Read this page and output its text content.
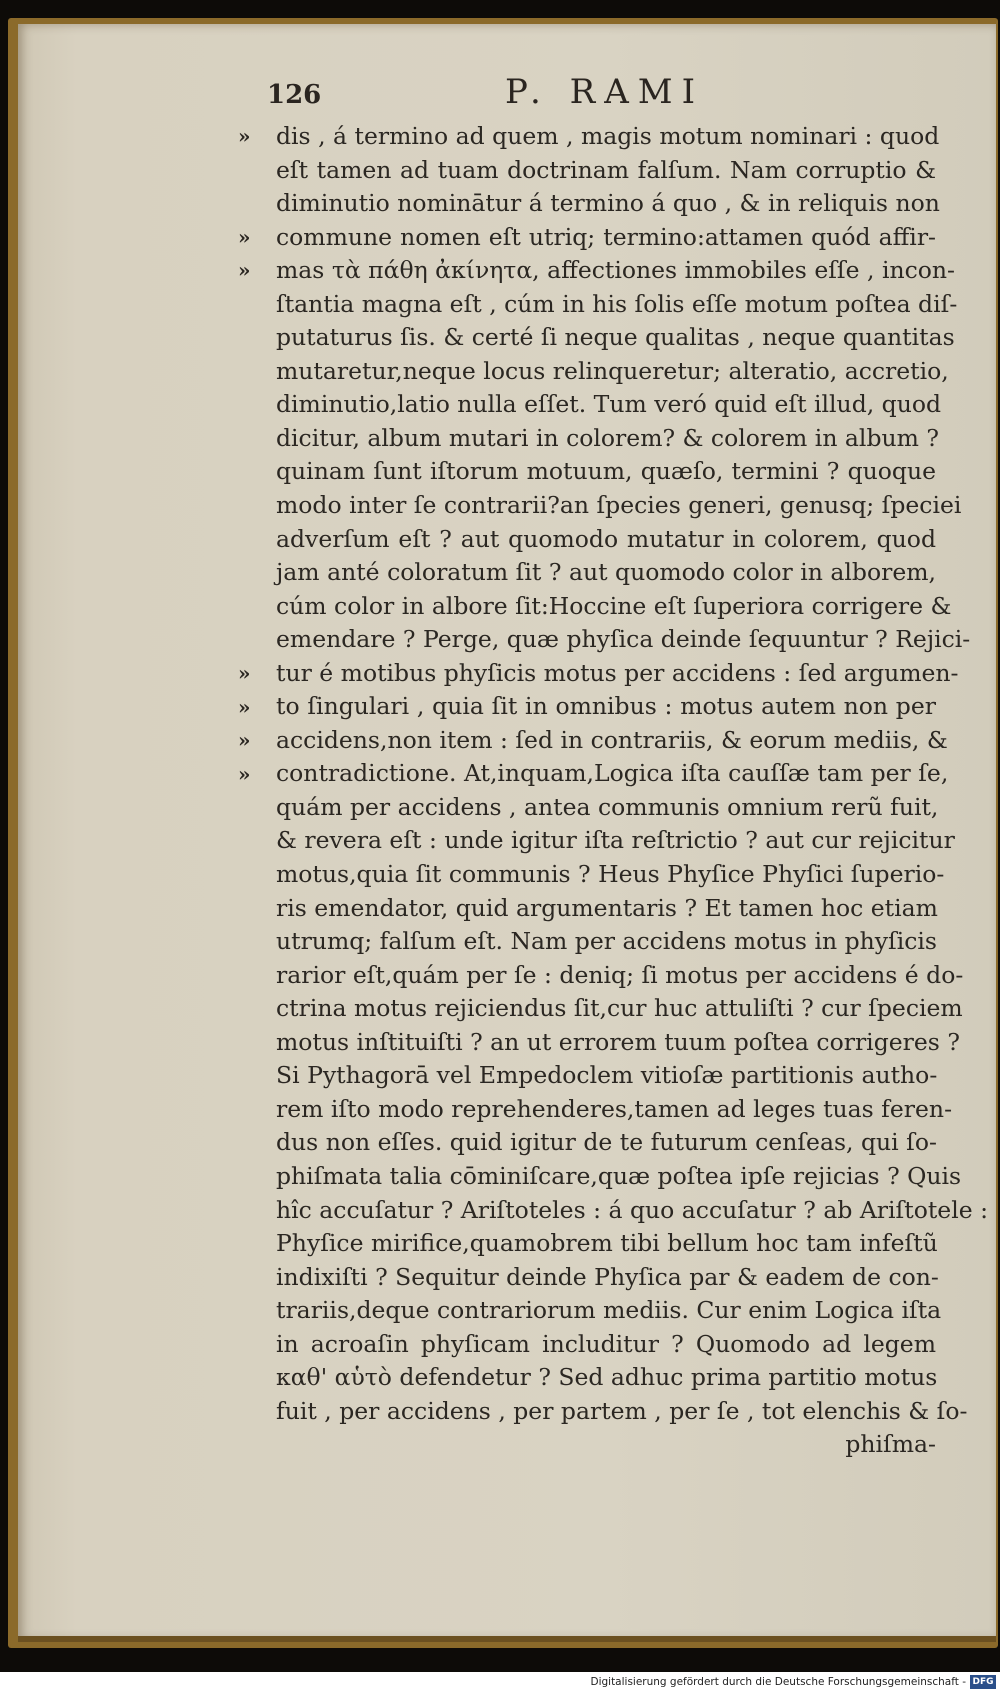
126	P. RAMI
»
»
»
»
»
»
»
dis , á termino ad quem , magis motum nominari : quod
eſt tamen ad tuam doctrinam falſum. Nam corruptio &
diminutio nominātur á termino á quo , & in reliquis non
commune nomen eſt utriq; termino:attamen quód affir-
mas τὰ πάθη ἀκίνητα, affectiones immobiles eſſe , incon-
ſtantia magna eſt , cúm in his ſolis eſſe motum poſtea diſ-
putaturus ſis. & certé ſi neque qualitas , neque quantitas
mutaretur,neque locus relinqueretur; alteratio, accretio,
diminutio,latio nulla eſſet. Tum veró quid eſt illud, quod
dicitur, album mutari in colorem? & colorem in album ?
quinam ſunt iſtorum motuum, quæſo, termini ? quoque
modo inter ſe contrarii?an ſpecies generi, genusq; ſpeciei
adverſum eſt ? aut quomodo mutatur in colorem, quod
jam anté coloratum ſit ? aut quomodo color in alborem,
cúm color in albore ſit:Hoccine eſt ſuperiora corrigere &
emendare ? Perge, quæ phyſica deinde ſequuntur ? Rejici-
tur é motibus phyſicis motus per accidens : ſed argumen-
to ſingulari , quia ſit in omnibus : motus autem non per
accidens,non item : ſed in contrariis, & eorum mediis, &
contradictione. At,inquam,Logica iſta cauſſæ tam per ſe,
quám per accidens , antea communis omnium rerũ fuit,
& revera eſt : unde igitur iſta reſtrictio ? aut cur rejicitur
motus,quia ſit communis ? Heus Phyſice Phyſici ſuperio-
ris emendator, quid argumentaris ? Et tamen hoc etiam
utrumq; falſum eſt. Nam per accidens motus in phyſicis
rarior eſt,quám per ſe : deniq; ſi motus per accidens é do-
ctrina motus rejiciendus ſit,cur huc attuliſti ? cur ſpeciem
motus inſtituiſti ? an ut errorem tuum poſtea corrigeres ?
Si Pythagorā vel Empedoclem vitioſæ partitionis autho-
rem iſto modo reprehenderes,tamen ad leges tuas feren-
dus non eſſes. quid igitur de te futurum cenſeas, qui ſo-
phiſmata talia cōminiſcare,quæ poſtea ipſe rejicias ? Quis
hîc accuſatur ? Ariſtoteles : á quo accuſatur ? ab Ariſtotele :
Phyſice mirifice,quamobrem tibi bellum hoc tam infeſtũ
indixiſti ? Sequitur deinde Phyſica par & eadem de con-
trariis,deque contrariorum mediis. Cur enim Logica iſta
in acroaſin phyſicam includitur ? Quomodo ad legem
καθ' αὑτὸ defendetur ? Sed adhuc prima partitio motus
fuit , per accidens , per partem , per ſe , tot elenchis & ſo-
phiſma-
Digitalisierung gefördert durch die Deutsche Forschungsgemeinschaft - DFG
